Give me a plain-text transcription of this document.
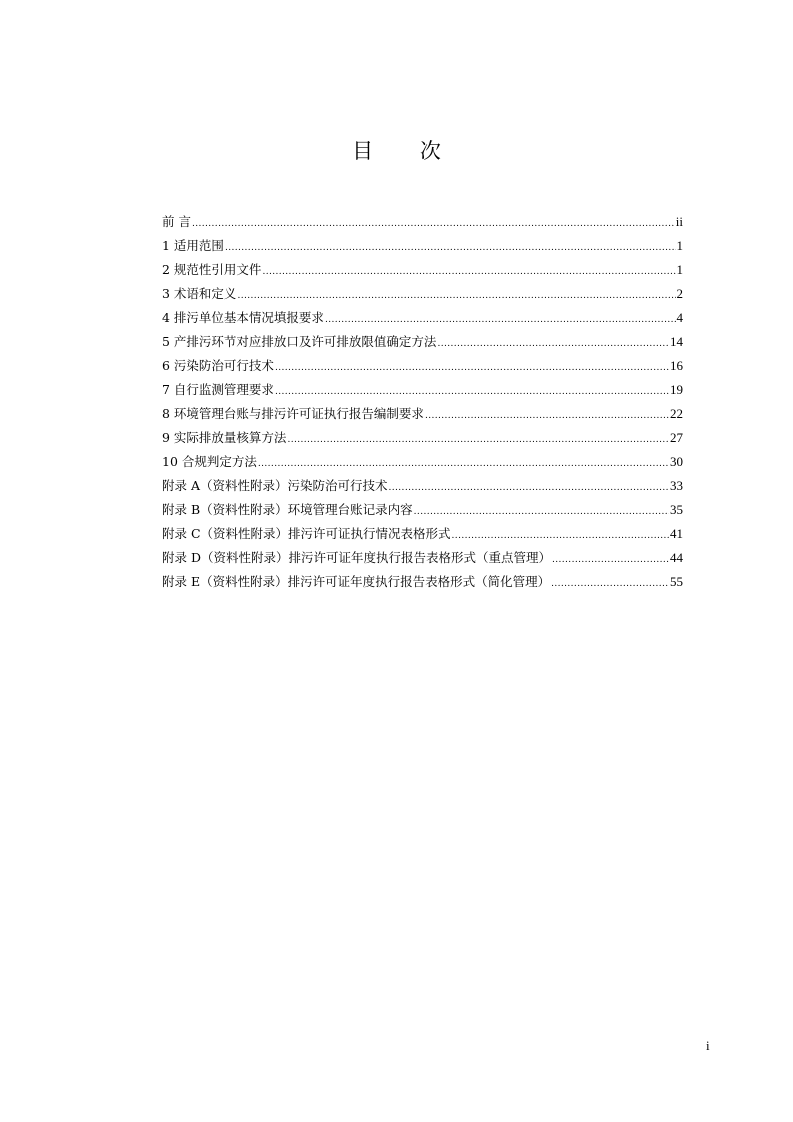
目 次
前 言 .....	ii
1 适用范围 .....	1
2 规范性引用文件 .....	1
3 术语和定义 .....	2
4 排污单位基本情况填报要求 .....	4
5 产排污环节对应排放口及许可排放限值确定方法 .....	14
6 污染防治可行技术 .....	16
7 自行监测管理要求 .....	19
8 环境管理台账与排污许可证执行报告编制要求 .....	22
9 实际排放量核算方法 .....	27
10 合规判定方法 .....	30
附录 A（资料性附录）污染防治可行技术 .....	33
附录 B（资料性附录）环境管理台账记录内容 .....	35
附录 C（资料性附录）排污许可证执行情况表格形式 .....	41
附录 D（资料性附录）排污许可证年度执行报告表格形式（重点管理） .....	44
附录 E（资料性附录）排污许可证年度执行报告表格形式（简化管理） .....	55
i
